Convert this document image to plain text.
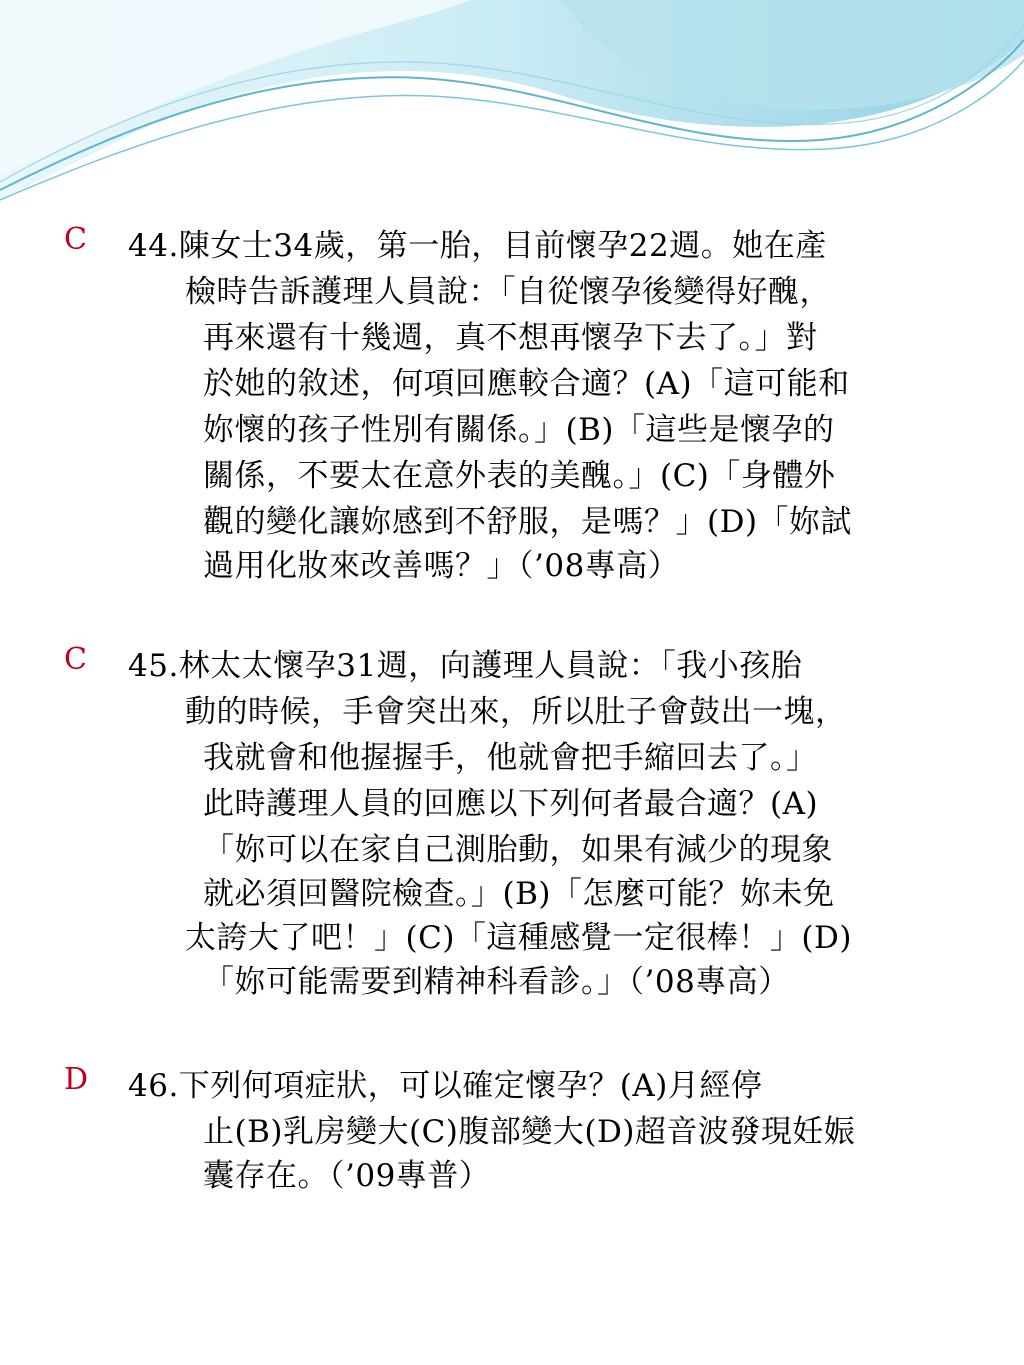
C 44.陳女士34歲，第一胎，目前懷孕22週。她在產
檢時告訴護理人員說：「自從懷孕後變得好醜，
再來還有十幾週，真不想再懷孕下去了。」對
於她的敘述，何項回應較合適？(A)「這可能和
妳懷的孩子性別有關係。」(B)「這些是懷孕的
關係，不要太在意外表的美醜。」(C)「身體外
觀的變化讓妳感到不舒服，是嗎？」(D)「妳試
過用化妝來改善嗎？」（’08專高）
C 45.林太太懷孕31週，向護理人員說：「我小孩胎
動的時候，手會突出來，所以肚子會鼓出一塊，
我就會和他握握手，他就會把手縮回去了。」
此時護理人員的回應以下列何者最合適？(A)
「妳可以在家自己測胎動，如果有減少的現象
就必須回醫院檢查。」(B)「怎麼可能？妳未免
太誇大了吧！」(C)「這種感覺一定很棒！」(D)
「妳可能需要到精神科看診。」（’08專高）
D 46.下列何項症狀，可以確定懷孕？(A)月經停
止(B)乳房變大(C)腹部變大(D)超音波發現妊娠
囊存在。（’09專普）
